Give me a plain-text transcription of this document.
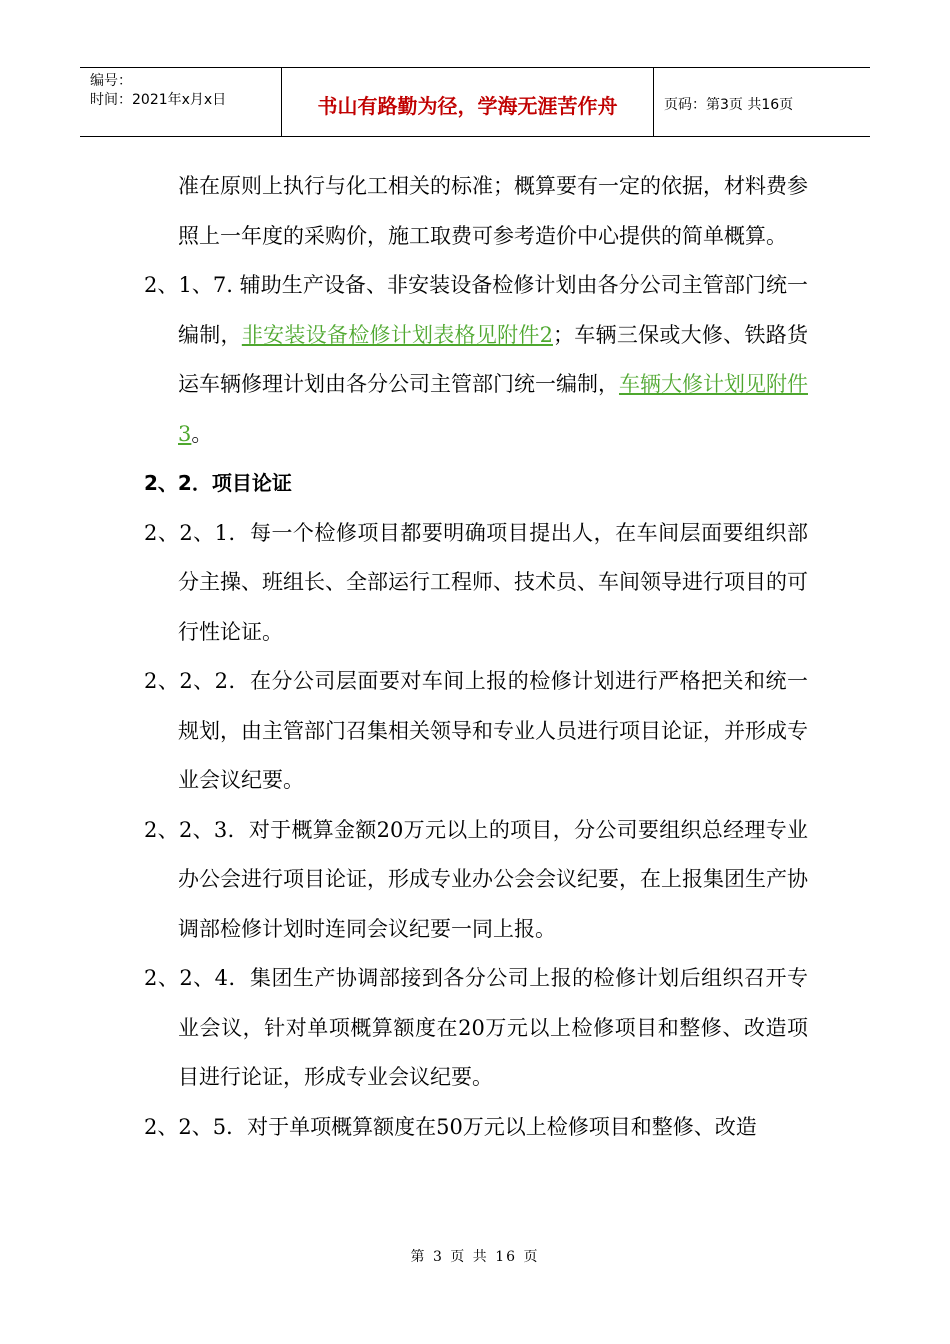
编号：
时间：2021年x月x日	书山有路勤为径，学海无涯苦作舟	页码：第3页 共16页

准在原则上执行与化工相关的标准；概算要有一定的依据，材料费参照上一年度的采购价，施工取费可参考造价中心提供的简单概算。

2、1、7. 辅助生产设备、非安装设备检修计划由各分公司主管部门统一编制，非安装设备检修计划表格见附件2；车辆三保或大修、铁路货运车辆修理计划由各分公司主管部门统一编制，车辆大修计划见附件3。

2、2．项目论证

2、2、1．每一个检修项目都要明确项目提出人，在车间层面要组织部分主操、班组长、全部运行工程师、技术员、车间领导进行项目的可行性论证。

2、2、2．在分公司层面要对车间上报的检修计划进行严格把关和统一规划，由主管部门召集相关领导和专业人员进行项目论证，并形成专业会议纪要。

2、2、3．对于概算金额20万元以上的项目，分公司要组织总经理专业办公会进行项目论证，形成专业办公会会议纪要，在上报集团生产协调部检修计划时连同会议纪要一同上报。

2、2、4．集团生产协调部接到各分公司上报的检修计划后组织召开专业会议，针对单项概算额度在20万元以上检修项目和整修、改造项目进行论证，形成专业会议纪要。

2、2、5．对于单项概算额度在50万元以上检修项目和整修、改造

第 3 页 共 16 页
